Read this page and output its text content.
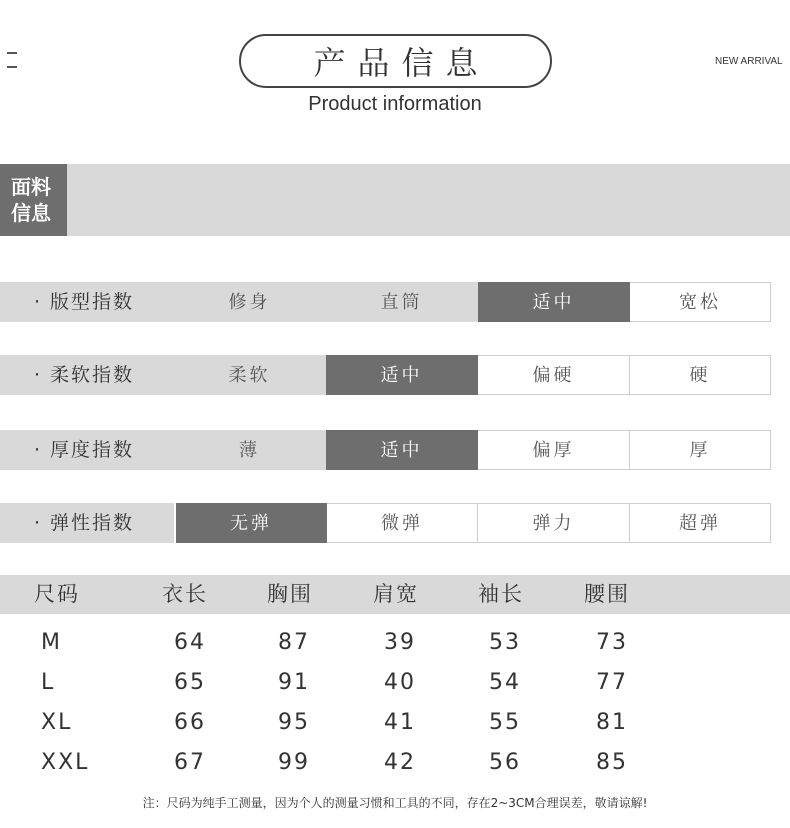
产品信息
Product information
NEW ARRIVAL
面料
信息
· 版型指数	修身	直筒	适中	宽松
· 柔软指数	柔软	适中	偏硬	硬
· 厚度指数	薄	适中	偏厚	厚
· 弹性指数	无弹	微弹	弹力	超弹
尺码	衣长	胸围	肩宽	袖长	腰围
M	64	87	39	53	73
L	65	91	40	54	77
XL	66	95	41	55	81
XXL	67	99	42	56	85
注：尺码为纯手工测量，因为个人的测量习惯和工具的不同，存在2~3CM合理误差，敬请谅解!
